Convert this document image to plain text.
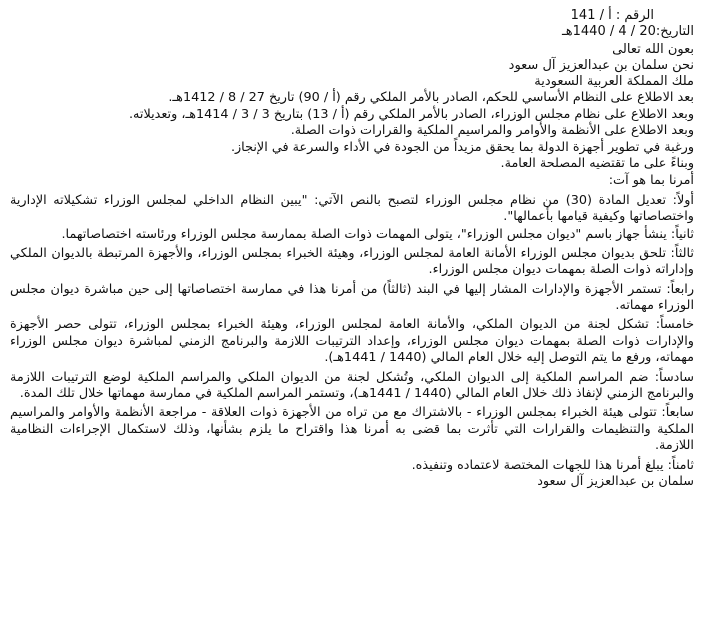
الرقم : أ / 141

التاريخ:20 / 4 / 1440هـ

بعون الله تعالى

نحن سلمان بن عبدالعزيز آل سعود

ملك المملكة العربية السعودية

بعد الاطلاع على النظام الأساسي للحكم، الصادر بالأمر الملكي رقم (أ / 90) تاريخ 27 / 8 / 1412هـ.

وبعد الاطلاع على نظام مجلس الوزراء، الصادر بالأمر الملكي رقم (أ / 13) بتاريخ 3 / 3 / 1414هـ، وتعديلاته.

وبعد الاطلاع على الأنظمة والأوامر والمراسيم الملكية والقرارات ذوات الصلة.

ورغبة في تطوير أجهزة الدولة بما يحقق مزيداً من الجودة في الأداء والسرعة في الإنجاز.

وبناءً على ما تقتضيه المصلحة العامة.

أمرنا بما هو آت:

أولاً: تعديل المادة (30) من نظام مجلس الوزراء لتصبح بالنص الآتي: "يبين النظام الداخلي لمجلس الوزراء تشكيلاته الإدارية واختصاصاتها وكيفية قيامها بأعمالها".

ثانياً: ينشأ جهاز باسم "ديوان مجلس الوزراء"، يتولى المهمات ذوات الصلة بممارسة مجلس الوزراء ورئاسته اختصاصاتهما.

ثالثاً: تلحق بديوان مجلس الوزراء الأمانة العامة لمجلس الوزراء، وهيئة الخبراء بمجلس الوزراء، والأجهزة المرتبطة بالديوان الملكي وإداراته ذوات الصلة بمهمات ديوان مجلس الوزراء.

رابعاً: تستمر الأجهزة والإدارات المشار إليها في البند (ثالثاً) من أمرنا هذا في ممارسة اختصاصاتها إلى حين مباشرة ديوان مجلس الوزراء مهماته.

خامساً: تشكل لجنة من الديوان الملكي، والأمانة العامة لمجلس الوزراء، وهيئة الخبراء بمجلس الوزراء، تتولى حصر الأجهزة والإدارات ذوات الصلة بمهمات ديوان مجلس الوزراء، وإعداد الترتيبات اللازمة والبرنامج الزمني لمباشرة ديوان مجلس الوزراء مهماته، ورفع ما يتم التوصل إليه خلال العام المالي (1440 / 1441هـ).

سادساً: ضم المراسم الملكية إلى الديوان الملكي، وتُشكل لجنة من الديوان الملكي والمراسم الملكية لوضع الترتيبات اللازمة والبرنامج الزمني لإنفاذ ذلك خلال العام المالي (1440 / 1441هـ)، وتستمر المراسم الملكية في ممارسة مهماتها خلال تلك المدة.

سابعاً: تتولى هيئة الخبراء بمجلس الوزراء - بالاشتراك مع من تراه من الأجهزة ذوات العلاقة - مراجعة الأنظمة والأوامر والمراسيم الملكية والتنظيمات والقرارات التي تأثرت بما قضى به أمرنا هذا واقتراح ما يلزم بشأنها، وذلك لاستكمال الإجراءات النظامية اللازمة.

ثامناً: يبلغ أمرنا هذا للجهات المختصة لاعتماده وتنفيذه.

سلمان بن عبدالعزيز آل سعود
